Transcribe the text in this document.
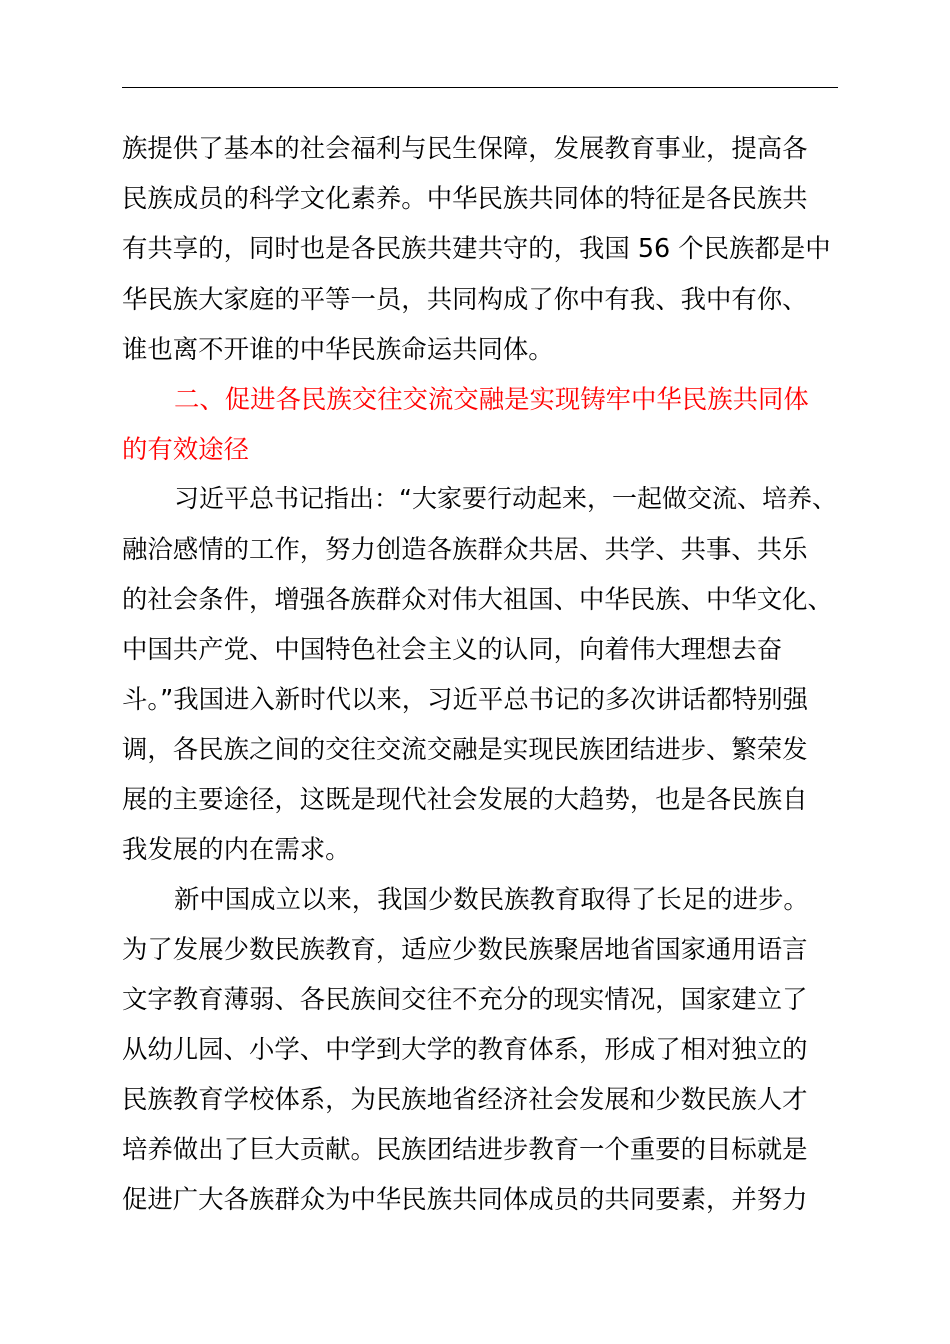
族提供了基本的社会福利与民生保障，发展教育事业，提高各
民族成员的科学文化素养。中华民族共同体的特征是各民族共
有共享的，同时也是各民族共建共守的，我国 56 个民族都是中
华民族大家庭的平等一员，共同构成了你中有我、我中有你、
谁也离不开谁的中华民族命运共同体。
二、促进各民族交往交流交融是实现铸牢中华民族共同体
的有效途径
习近平总书记指出：“大家要行动起来，一起做交流、培养、
融洽感情的工作，努力创造各族群众共居、共学、共事、共乐
的社会条件，增强各族群众对伟大祖国、中华民族、中华文化、
中国共产党、中国特色社会主义的认同，向着伟大理想去奋
斗。”我国进入新时代以来，习近平总书记的多次讲话都特别强
调，各民族之间的交往交流交融是实现民族团结进步、繁荣发
展的主要途径，这既是现代社会发展的大趋势，也是各民族自
我发展的内在需求。
新中国成立以来，我国少数民族教育取得了长足的进步。
为了发展少数民族教育，适应少数民族聚居地省国家通用语言
文字教育薄弱、各民族间交往不充分的现实情况，国家建立了
从幼儿园、小学、中学到大学的教育体系，形成了相对独立的
民族教育学校体系，为民族地省经济社会发展和少数民族人才
培养做出了巨大贡献。民族团结进步教育一个重要的目标就是
促进广大各族群众为中华民族共同体成员的共同要素，并努力
